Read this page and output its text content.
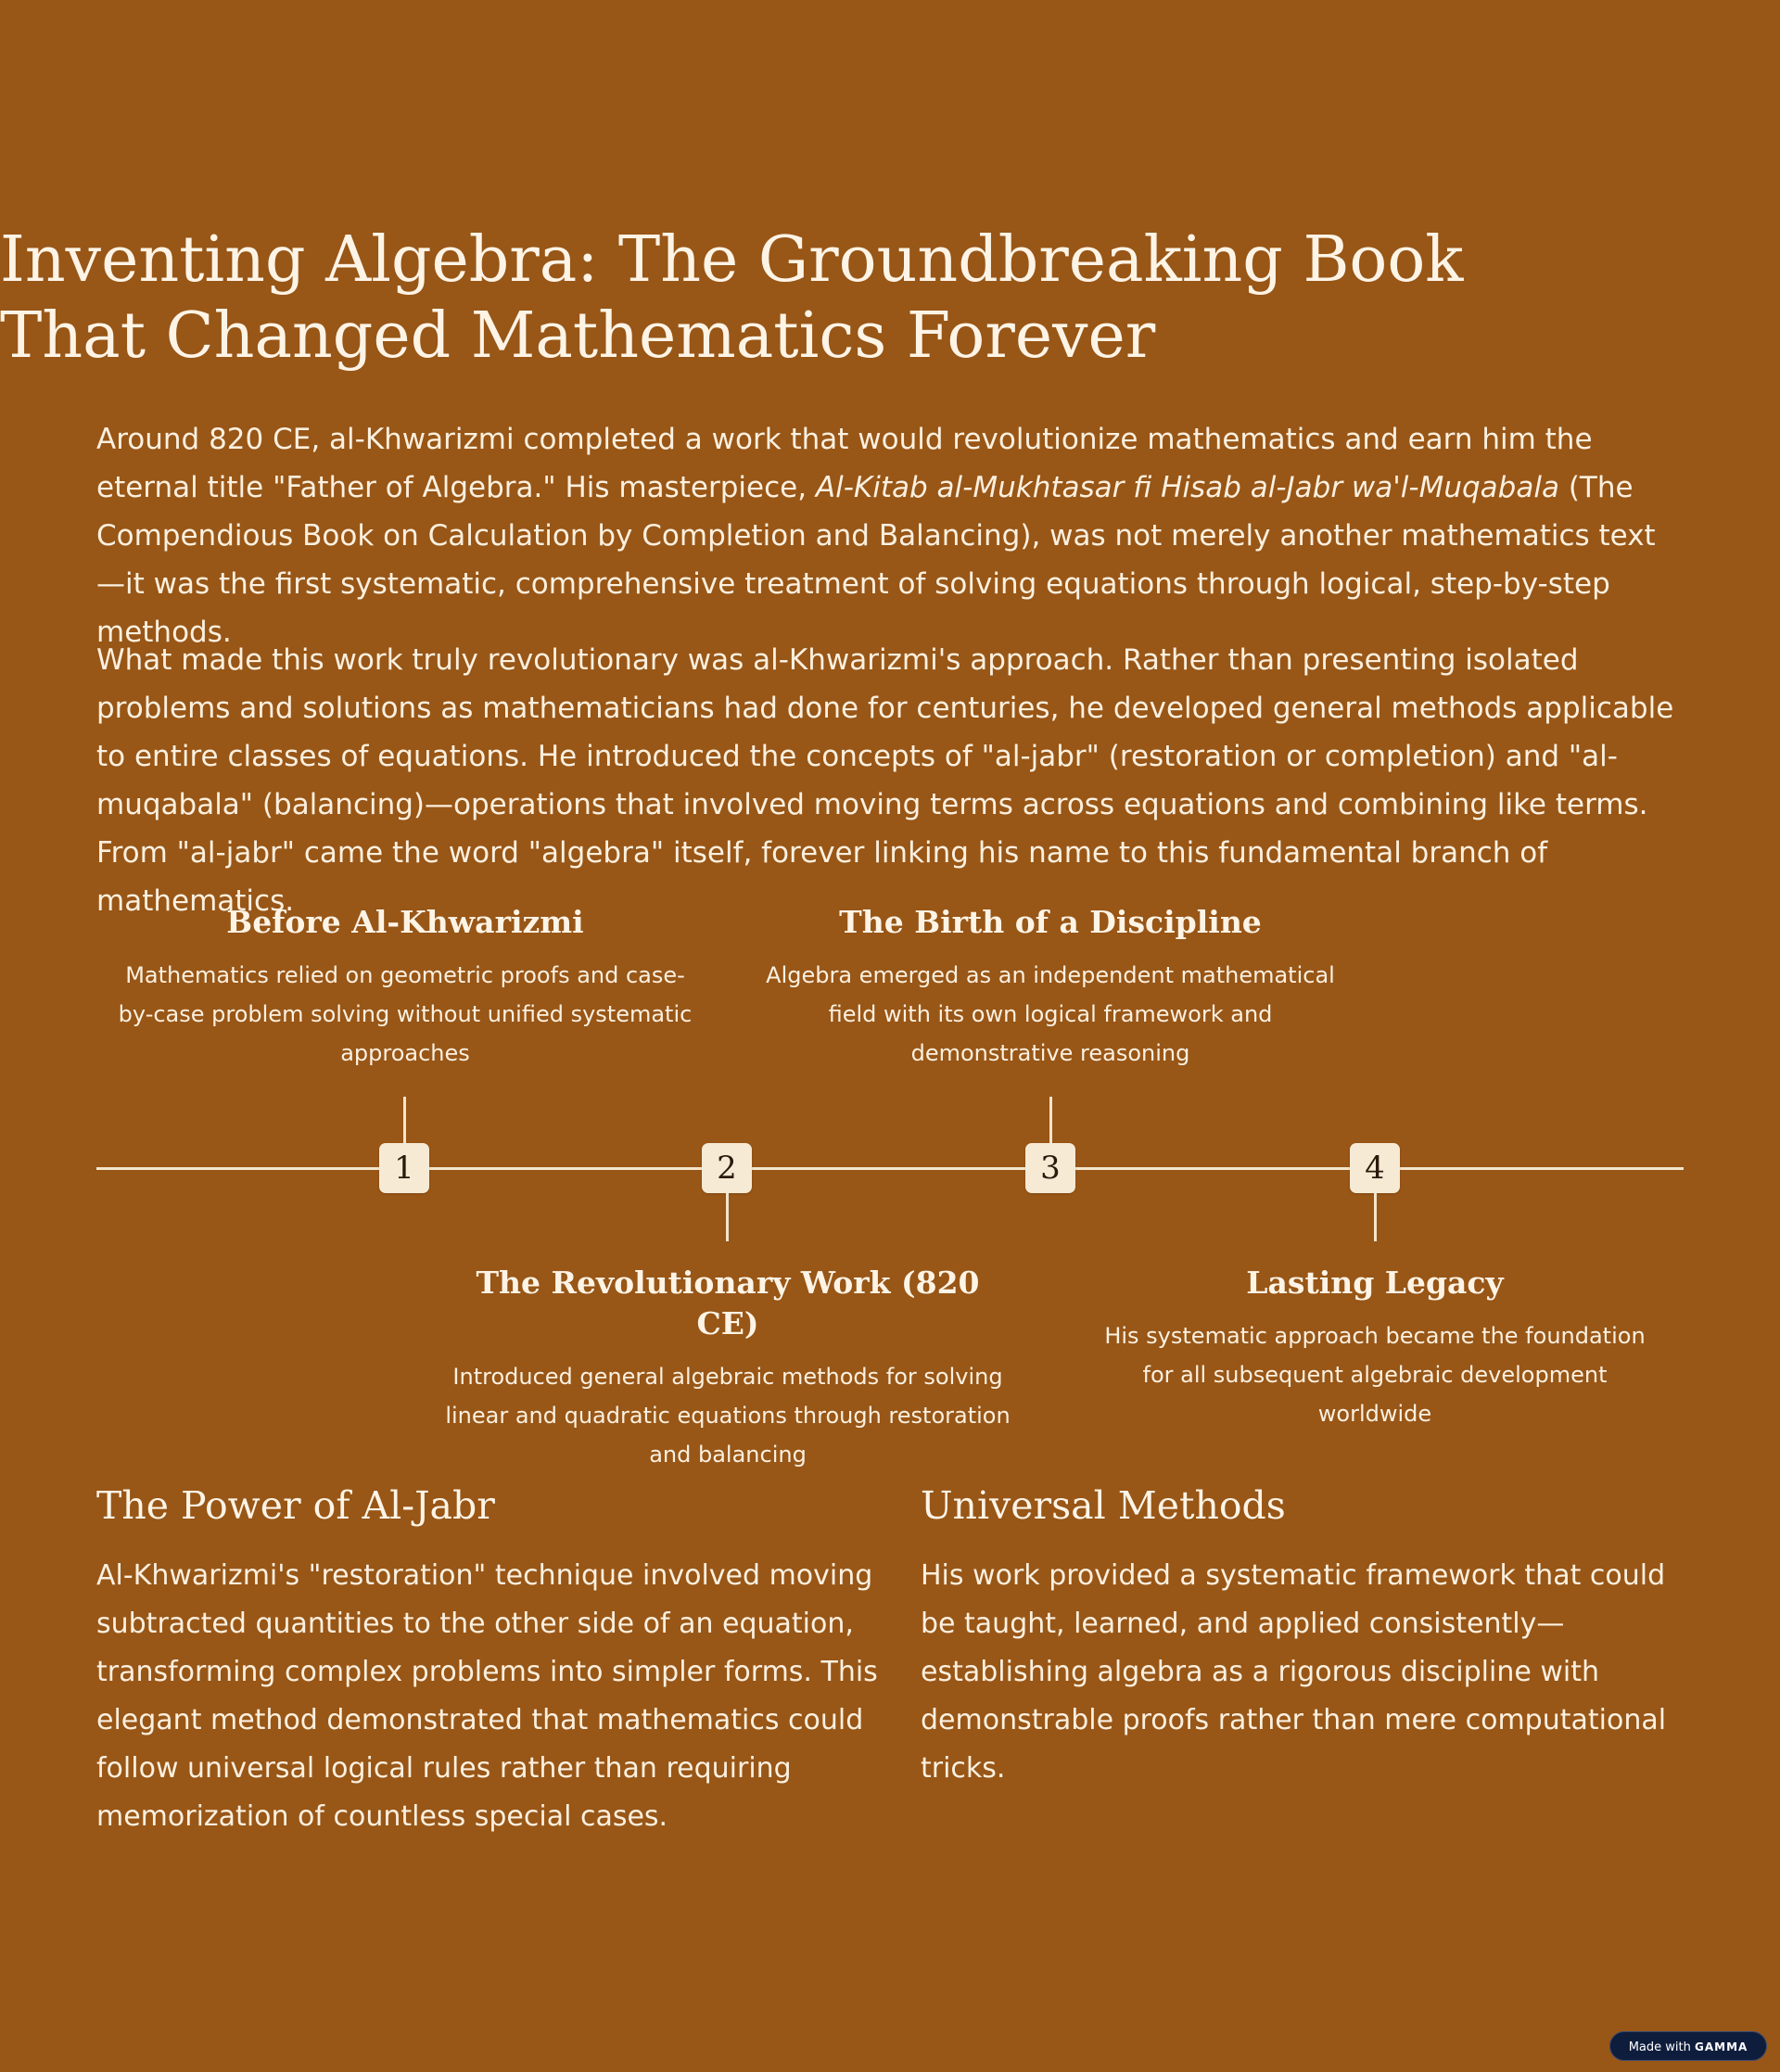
Inventing Algebra: The Groundbreaking Book That Changed Mathematics Forever

Around 820 CE, al-Khwarizmi completed a work that would revolutionize mathematics and earn him the eternal title "Father of Algebra." His masterpiece, Al-Kitab al-Mukhtasar fi Hisab al-Jabr wa'l-Muqabala (The Compendious Book on Calculation by Completion and Balancing), was not merely another mathematics text—it was the first systematic, comprehensive treatment of solving equations through logical, step-by-step methods.

What made this work truly revolutionary was al-Khwarizmi's approach. Rather than presenting isolated problems and solutions as mathematicians had done for centuries, he developed general methods applicable to entire classes of equations. He introduced the concepts of "al-jabr" (restoration or completion) and "al-muqabala" (balancing)—operations that involved moving terms across equations and combining like terms. From "al-jabr" came the word "algebra" itself, forever linking his name to this fundamental branch of mathematics.

Before Al-Khwarizmi

Mathematics relied on geometric proofs and case-by-case problem solving without unified systematic approaches

1	2
The Revolutionary Work (820 CE)

Introduced general algebraic methods for solving linear and quadratic equations through restoration and balancing

The Birth of a Discipline

Algebra emerged as an independent mathematical field with its own logical framework and demonstrative reasoning

3	4
Lasting Legacy

His systematic approach became the foundation for all subsequent algebraic development worldwide

The Power of Al-Jabr

Al-Khwarizmi's "restoration" technique involved moving subtracted quantities to the other side of an equation, transforming complex problems into simpler forms. This elegant method demonstrated that mathematics could follow universal logical rules rather than requiring memorization of countless special cases.

Universal Methods

His work provided a systematic framework that could be taught, learned, and applied consistently—establishing algebra as a rigorous discipline with demonstrable proofs rather than mere computational tricks.

Made with GAMMA
